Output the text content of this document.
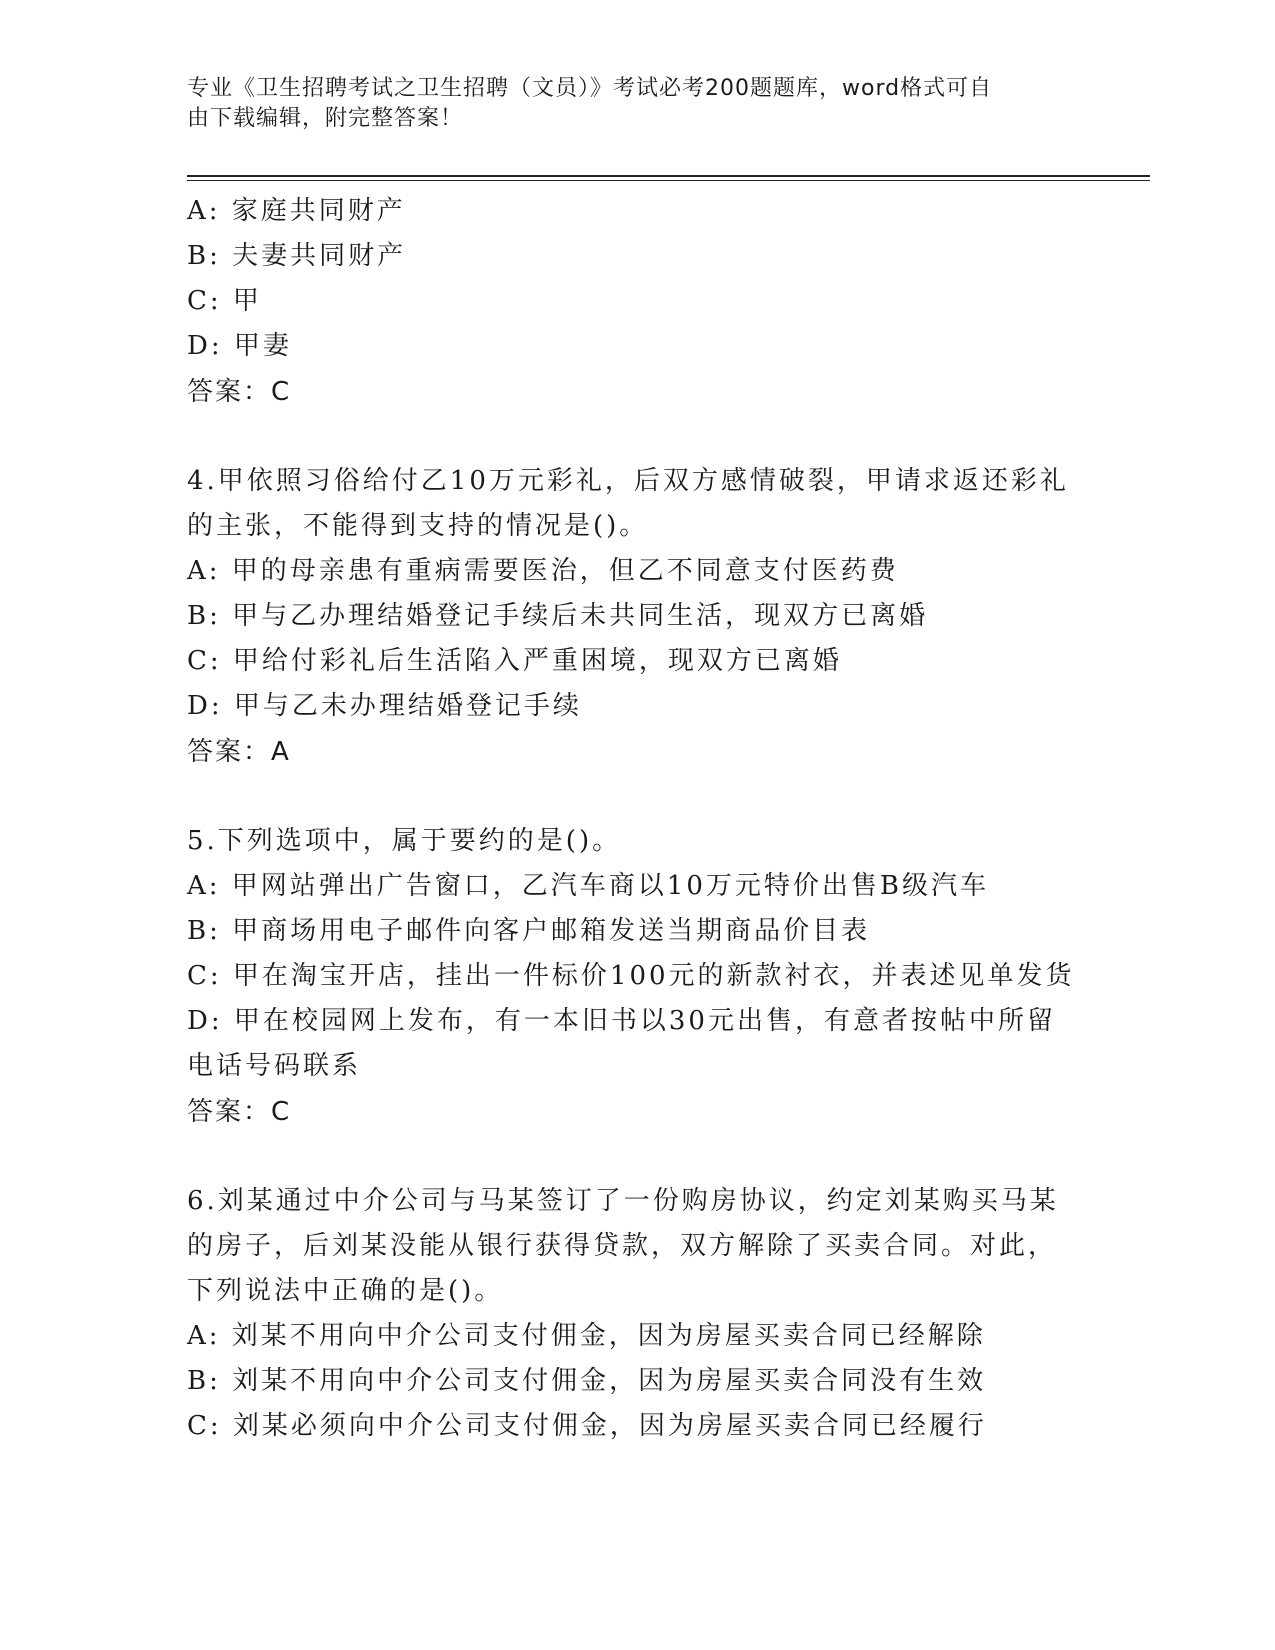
专业《卫生招聘考试之卫生招聘（文员）》考试必考200题题库，word格式可自
由下载编辑，附完整答案！
A: 家庭共同财产
B: 夫妻共同财产
C: 甲
D: 甲妻
答案：C
4.甲依照习俗给付乙10万元彩礼，后双方感情破裂，甲请求返还彩礼
的主张，不能得到支持的情况是()。
A: 甲的母亲患有重病需要医治，但乙不同意支付医药费
B: 甲与乙办理结婚登记手续后未共同生活，现双方已离婚
C: 甲给付彩礼后生活陷入严重困境，现双方已离婚
D: 甲与乙未办理结婚登记手续
答案：A
5.下列选项中，属于要约的是()。
A: 甲网站弹出广告窗口，乙汽车商以10万元特价出售B级汽车
B: 甲商场用电子邮件向客户邮箱发送当期商品价目表
C: 甲在淘宝开店，挂出一件标价100元的新款衬衣，并表述见单发货
D: 甲在校园网上发布，有一本旧书以30元出售，有意者按帖中所留
电话号码联系
答案：C
6.刘某通过中介公司与马某签订了一份购房协议，约定刘某购买马某
的房子，后刘某没能从银行获得贷款，双方解除了买卖合同。对此，
下列说法中正确的是()。
A: 刘某不用向中介公司支付佣金，因为房屋买卖合同已经解除
B: 刘某不用向中介公司支付佣金，因为房屋买卖合同没有生效
C: 刘某必须向中介公司支付佣金，因为房屋买卖合同已经履行
